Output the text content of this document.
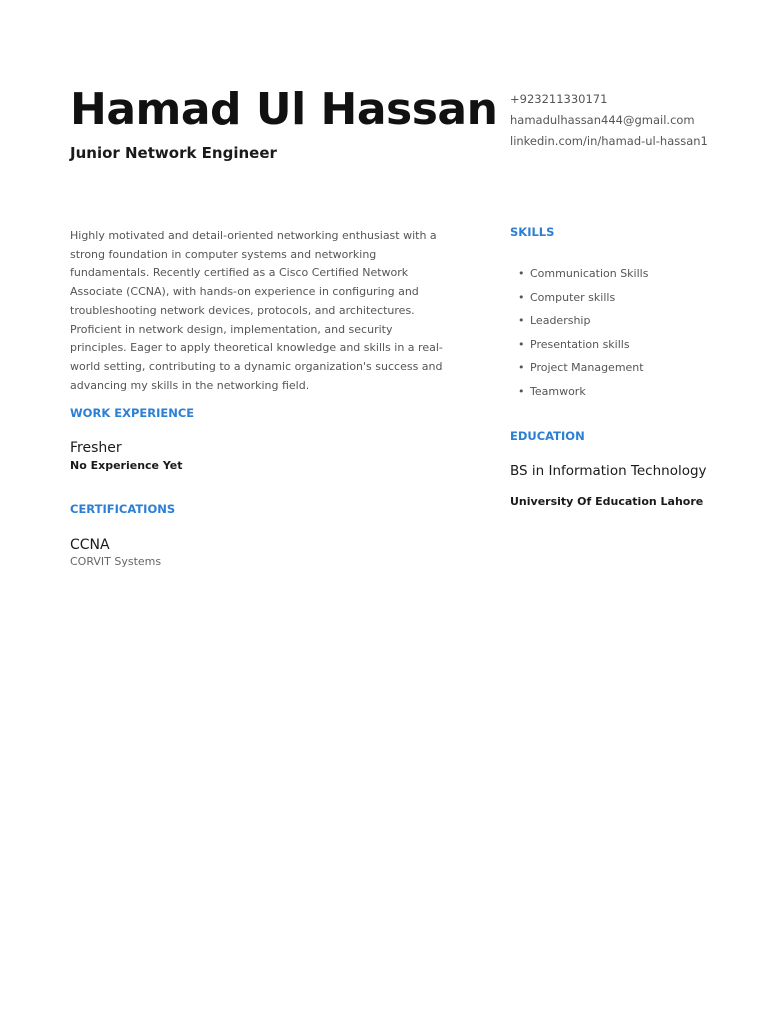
Hamad Ul Hassan
Junior Network Engineer
+923211330171
hamadulhassan444@gmail.com
linkedin.com/in/hamad-ul-hassan1

Highly motivated and detail-oriented networking enthusiast with a strong foundation in computer systems and networking fundamentals. Recently certified as a Cisco Certified Network Associate (CCNA), with hands-on experience in configuring and troubleshooting network devices, protocols, and architectures. Proficient in network design, implementation, and security principles. Eager to apply theoretical knowledge and skills in a real-world setting, contributing to a dynamic organization's success and advancing my skills in the networking field.

WORK EXPERIENCE
Fresher
No Experience Yet
CERTIFICATIONS
CCNA
CORVIT Systems
SKILLS
• Communication Skills
• Computer skills
• Leadership
• Presentation skills
• Project Management
• Teamwork
EDUCATION
BS in Information Technology
University Of Education Lahore
